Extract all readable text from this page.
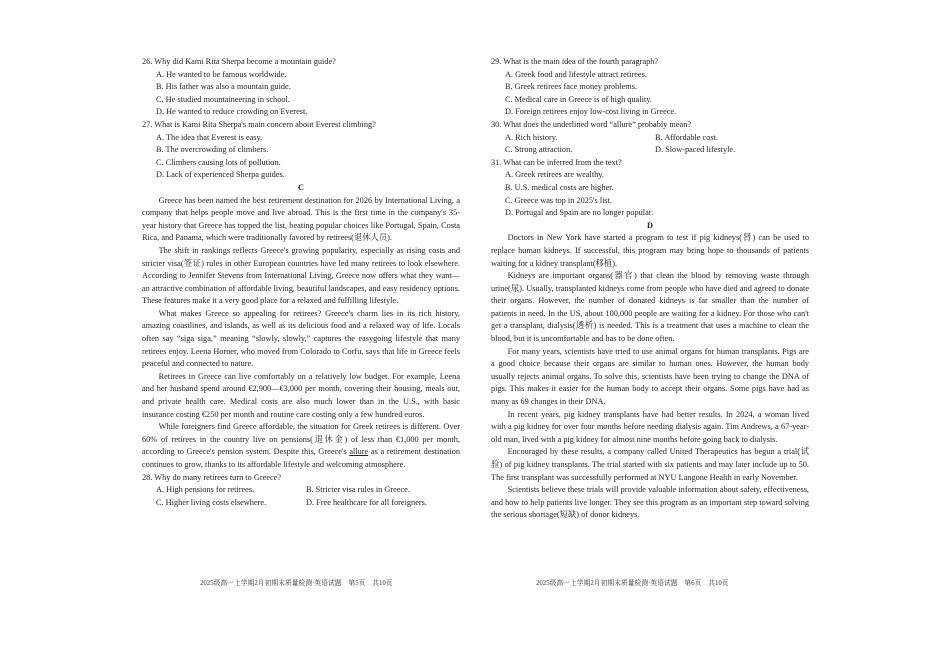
26. Why did Kami Rita Sherpa become a mountain guide?

A. He wanted to be famous worldwide.

B. His father was also a mountain guide.

C. He studied mountaineering in school.

D. He wanted to reduce crowding on Everest.

27. What is Kami Rita Sherpa's main concern about Everest climbing?

A. The idea that Everest is easy.

B. The overcrowding of climbers.

C. Climbers causing lots of pollution.

D. Lack of experienced Sherpa guides.

C

Greece has been named the best retirement destination for 2026 by International Living, a company that helps people move and live abroad. This is the first time in the company's 35-year history that Greece has topped the list, beating popular choices like Portugal, Spain, Costa Rica, and Panama, which were traditionally favored by retirees(退休人员).

The shift in rankings reflects Greece's growing popularity, especially as rising costs and stricter visa(签证) rules in other European countries have led many retirees to look elsewhere. According to Jennifer Stevens from International Living, Greece now offers what they want—an attractive combination of affordable living, beautiful landscapes, and easy residency options. These features make it a very good place for a relaxed and fulfilling lifestyle.

What makes Greece so appealing for retirees? Greece's charm lies in its rich history, amazing coastlines, and islands, as well as its delicious food and a relaxed way of life. Locals often say “siga siga,” meaning “slowly, slowly,” captures the easygoing lifestyle that many retirees enjoy. Leena Horner, who moved from Colorado to Corfu, says that life in Greece feels peaceful and connected to nature.

Retirees in Greece can live comfortably on a relatively low budget. For example, Leena and her husband spend around €2,900—€3,000 per month, covering their housing, meals out, and private health care. Medical costs are also much lower than in the U.S., with basic insurance costing €250 per month and routine care costing only a few hundred euros.

While foreigners find Greece affordable, the situation for Greek retirees is different. Over 60% of retirees in the country live on pensions(退休金) of less than €1,000 per month, according to Greece's pension system. Despite this, Greece's allure as a retirement destination continues to grow, thanks to its affordable lifestyle and welcoming atmosphere.

28. Why do many retirees turn to Greece?

A. High pensions for retirees.	B. Stricter visa rules in Greece.
C. Higher living costs elsewhere.	D. Free healthcare for all foreigners.

29. What is the main idea of the fourth paragraph?

A. Greek food and lifestyle attract retirees.

B. Greek retirees face money problems.

C. Medical care in Greece is of high quality.

D. Foreign retirees enjoy low-cost living in Greece.

30. What does the underlined word “allure” probably mean?

A. Rich history.	B. Affordable cost.
C. Strong attraction.	D. Slow-paced lifestyle.

31. What can be inferred from the text?

A. Greek retirees are wealthy.

B. U.S. medical costs are higher.

C. Greece was top in 2025's list.

D. Portugal and Spain are no longer popular.

D

Doctors in New York have started a program to test if pig kidneys(肾) can be used to replace human kidneys. If successful, this program may bring hope to thousands of patients waiting for a kidney transplant(移植).

Kidneys are important organs(器官) that clean the blood by removing waste through urine(尿). Usually, transplanted kidneys come from people who have died and agreed to donate their organs. However, the number of donated kidneys is far smaller than the number of patients in need. In the US, about 100,000 people are waiting for a kidney. For those who can't get a transplant, dialysis(透析) is needed. This is a treatment that uses a machine to clean the blood, but it is uncomfortable and has to be done often.

For many years, scientists have tried to use animal organs for human transplants. Pigs are a good choice because their organs are similar to human ones. However, the human body usually rejects animal organs. To solve this, scientists have been trying to change the DNA of pigs. This makes it easier for the human body to accept their organs. Some pigs have had as many as 69 changes in their DNA.

In recent years, pig kidney transplants have had better results. In 2024, a woman lived with a pig kidney for over four months before needing dialysis again. Tim Andrews, a 67-year-old man, lived with a pig kidney for almost nine months before going back to dialysis.

Encouraged by these results, a company called United Therapeutics has begun a trial(试验) of pig kidney transplants. The trial started with six patients and may later include up to 50. The first transplant was successfully performed at NYU Langone Health in early November.

Scientists believe these trials will provide valuable information about safety, effectiveness, and how to help patients live longer. They see this program as an important step toward solving the serious shortage(短缺) of donor kidneys.

2025级高一上学期2月初期末质量检测·英语试题　第5页　共10页	2025级高一上学期2月初期末质量检测·英语试题　第6页　共10页
